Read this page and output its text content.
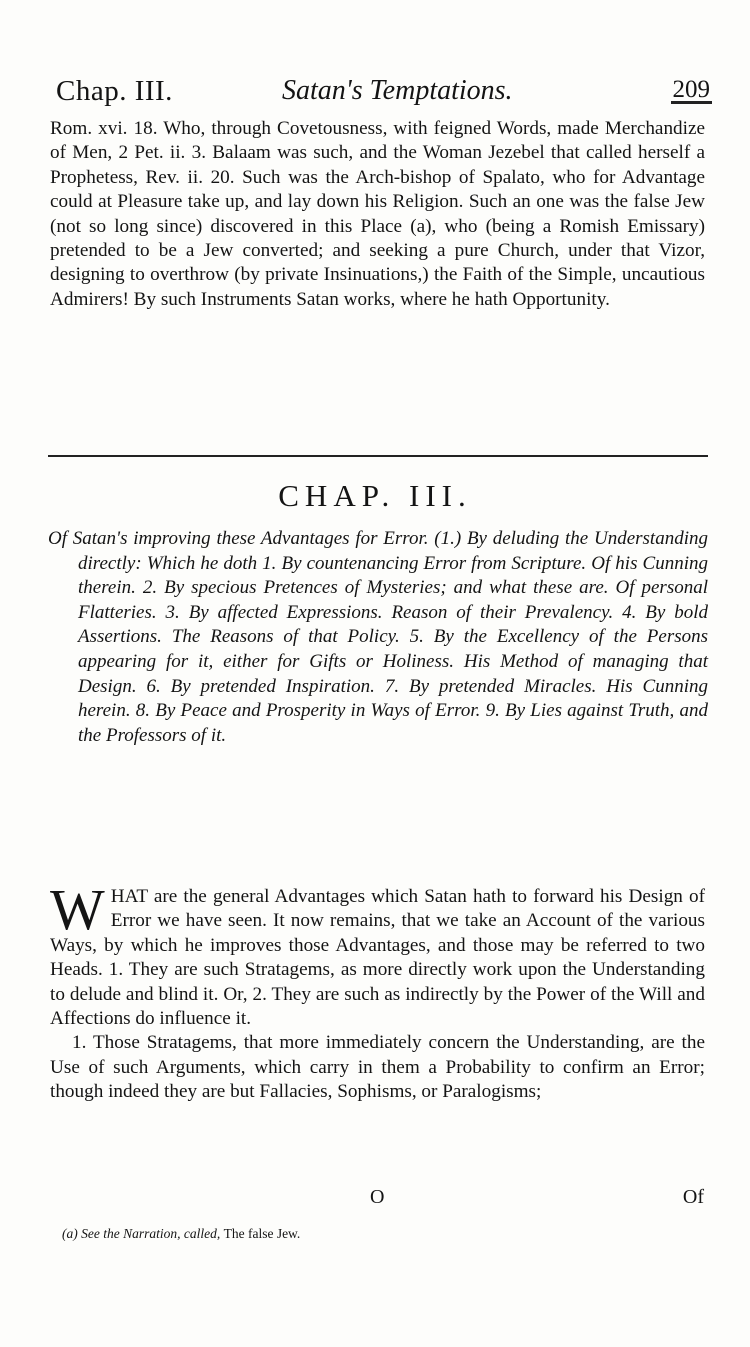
Chap. III.	Satan's Temptations.	209
Rom. xvi. 18. Who, through Covetousness, with feigned Words, made Merchandize of Men, 2 Pet. ii. 3. Balaam was such, and the Woman Jezebel that called herself a Prophetess, Rev. ii. 20. Such was the Arch-bishop of Spalato, who for Advantage could at Pleasure take up, and lay down his Religion. Such an one was the false Jew (not so long since) discovered in this Place (a), who (being a Romish Emissary) pretended to be a Jew converted; and seeking a pure Church, under that Vizor, designing to overthrow (by private Insinuations,) the Faith of the Simple, uncautious Admirers! By such Instruments Satan works, where he hath Opportunity.
CHAP. III.
Of Satan's improving these Advantages for Error. (1.) By deluding the Understanding directly: Which he doth 1. By countenancing Error from Scripture. Of his Cunning therein. 2. By specious Pretences of Mysteries; and what these are. Of personal Flatteries. 3. By affected Expressions. Reason of their Prevalency. 4. By bold Assertions. The Reasons of that Policy. 5. By the Excellency of the Persons appearing for it, either for Gifts or Holiness. His Method of managing that Design. 6. By pretended Inspiration. 7. By pretended Miracles. His Cunning herein. 8. By Peace and Prosperity in Ways of Error. 9. By Lies against Truth, and the Professors of it.

W HAT are the general Advantages which Satan hath to forward his Design of Error we have seen. It now remains, that we take an Account of the various Ways, by which he improves those Advantages, and those may be referred to two Heads. 1. They are such Stratagems, as more directly work upon the Understanding to delude and blind it. Or, 2. They are such as indirectly by the Power of the Will and Affections do influence it.

1. Those Stratagems, that more immediately concern the Understanding, are the Use of such Arguments, which carry in them a Probability to confirm an Error; though indeed they are but Fallacies, Sophisms, or Paralogisms;

O	Of
(a) See the Narration, called, The false Jew.
